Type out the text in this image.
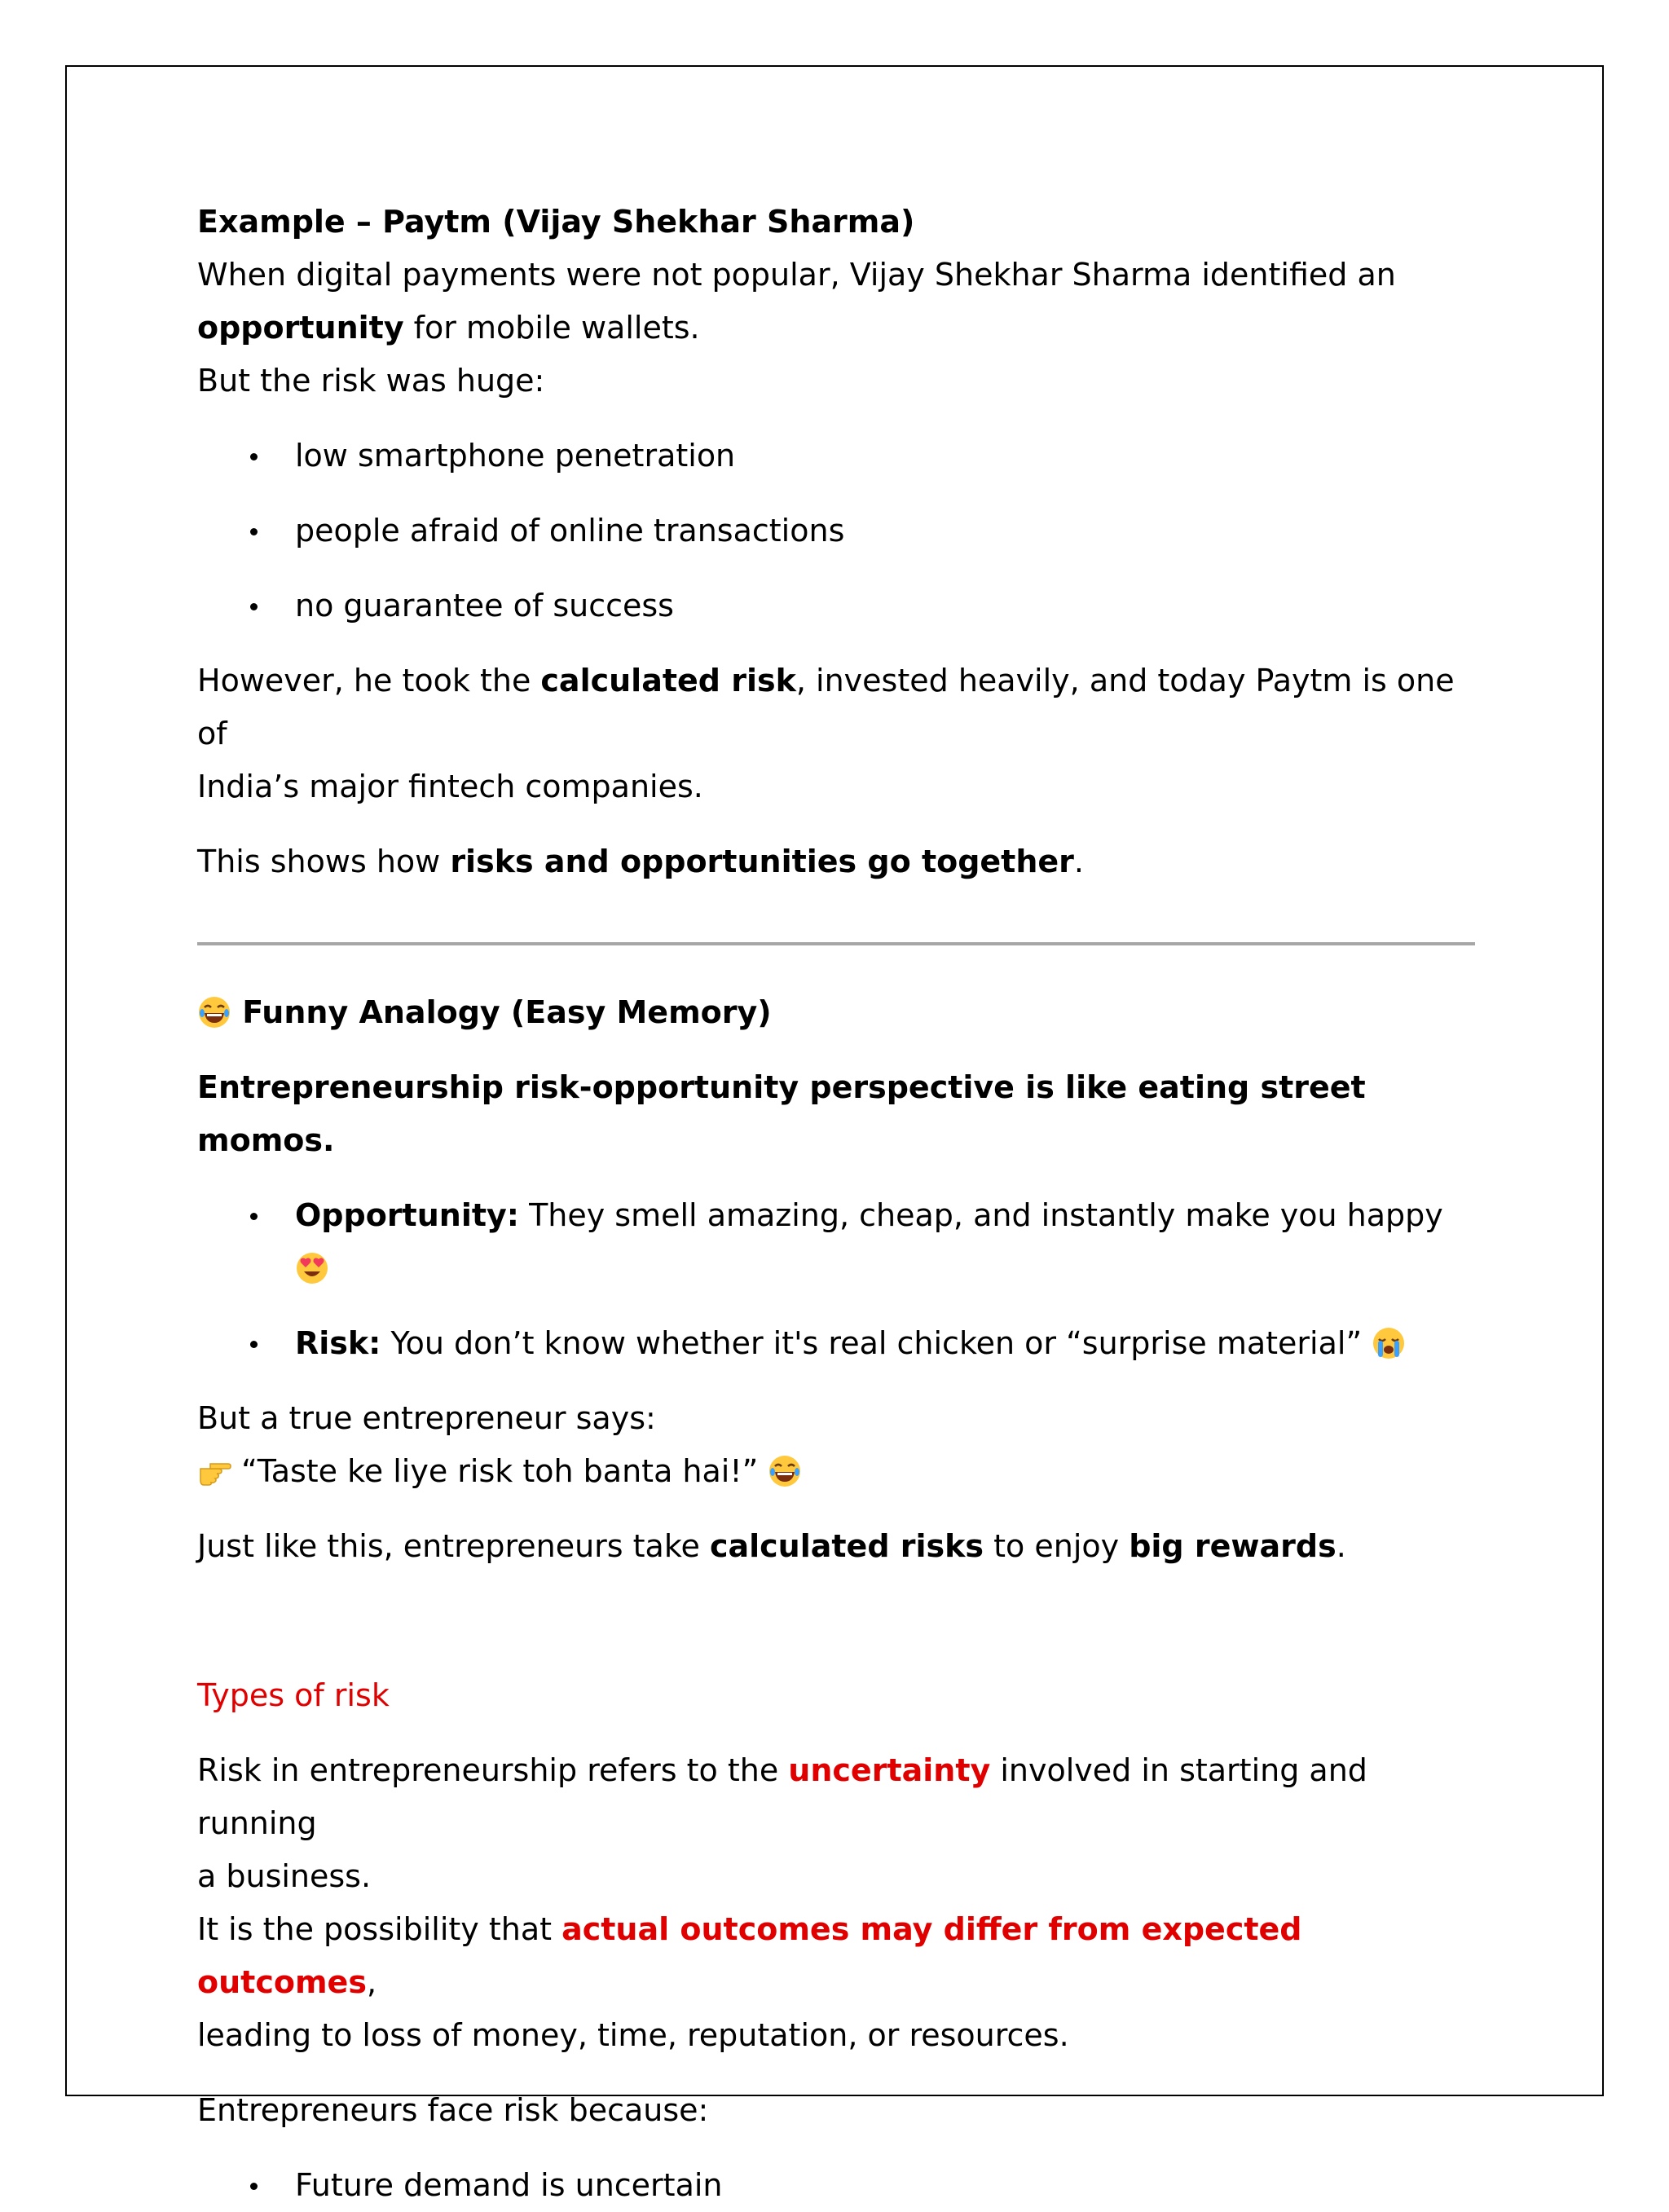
Example – Paytm (Vijay Shekhar Sharma)

When digital payments were not popular, Vijay Shekhar Sharma identified an

opportunity for mobile wallets.

But the risk was huge:

low smartphone penetration
people afraid of online transactions
no guarantee of success

However, he took the calculated risk, invested heavily, and today Paytm is one of

India’s major fintech companies.

This shows how risks and opportunities go together.

Funny Analogy (Easy Memory)

Entrepreneurship risk-opportunity perspective is like eating street momos.

Opportunity: They smell amazing, cheap, and instantly make you happy
Risk: You don’t know whether it's real chicken or “surprise material”

But a true entrepreneur says:

“Taste ke liye risk toh banta hai!”

Just like this, entrepreneurs take calculated risks to enjoy big rewards.

Types of risk

Risk in entrepreneurship refers to the uncertainty involved in starting and running

a business.

It is the possibility that actual outcomes may differ from expected outcomes,

leading to loss of money, time, reputation, or resources.

Entrepreneurs face risk because:

Future demand is uncertain
